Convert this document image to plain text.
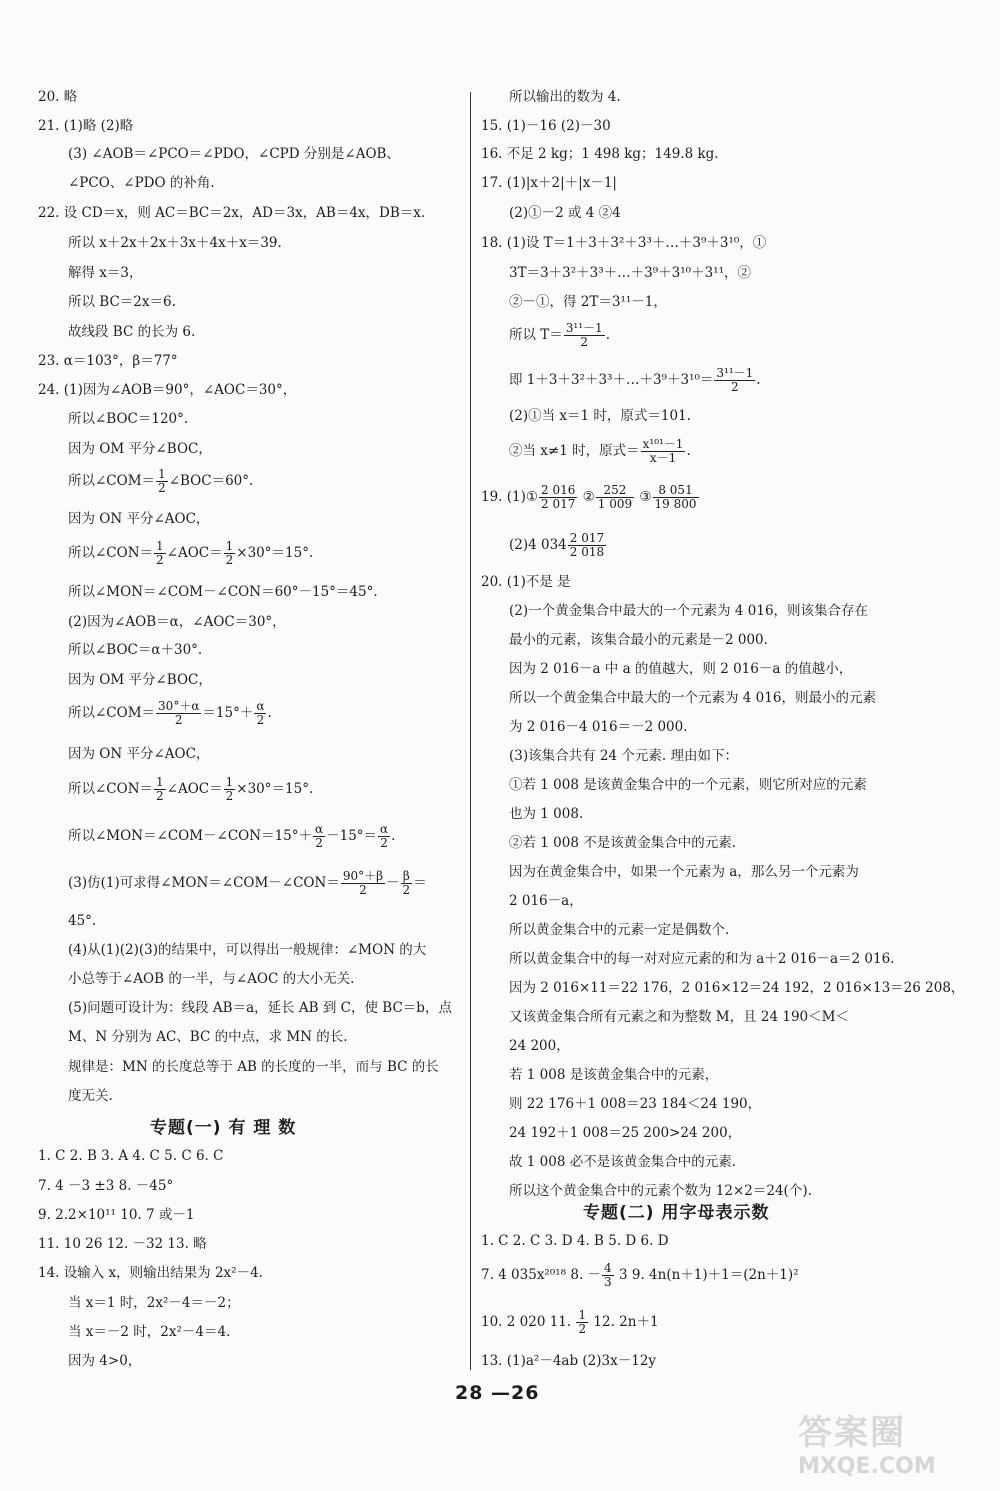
20. 略
21. (1)略 (2)略
(3) ∠AOB＝∠PCO＝∠PDO，∠CPD 分别是∠AOB、
∠PCO、∠PDO 的补角.
22. 设 CD＝x，则 AC＝BC＝2x，AD＝3x，AB＝4x，DB＝x.
所以 x＋2x＋2x＋3x＋4x＋x＝39.
解得 x＝3，
所以 BC＝2x＝6.
故线段 BC 的长为 6.
23. α＝103°，β＝77°
24. (1)因为∠AOB＝90°，∠AOC＝30°，
所以∠BOC＝120°.
因为 OM 平分∠BOC，
所以∠COM＝ $\frac{1}{2}$ ∠BOC＝60°.
因为 ON 平分∠AOC，
所以∠CON＝ $\frac{1}{2}$ ∠AOC＝ $\frac{1}{2} \times 30^\circ=15^\circ$.
所以∠MON＝∠COM－∠CON＝60°－15°＝45°.
(2)因为∠AOB＝α，∠AOC＝30°，
所以∠BOC＝α＋30°.
因为 OM 平分∠BOC，
所以∠COM＝ $\frac{30^\circ+\alpha}{2} =15^\circ+ \frac{\alpha}{2}$ .
因为 ON 平分∠AOC，
所以∠CON＝ $\frac{1}{2}$ ∠AOC＝ $\frac{1}{2} \times 30^\circ=15^\circ$.
所以∠MON＝∠COM－∠CON＝15°＋ $\frac{\alpha}{2} -15^\circ= \frac{\alpha}{2}$ .
(3)仿(1)可求得∠MON＝∠COM－∠CON＝ $\frac{90^\circ+\beta}{2} - \frac{\beta}{2}$ ＝
45°.
(4)从(1)(2)(3)的结果中，可以得出一般规律：∠MON 的大
小总等于∠AOB 的一半，与∠AOC 的大小无关.
(5)问题可设计为：线段 AB＝a，延长 AB 到 C，使 BC＝b，点
M、N 分别为 AC、BC 的中点，求 MN 的长.
规律是：MN 的长度总等于 AB 的长度的一半，而与 BC 的长
度无关.
专题(一) 有 理 数
1. C 2. B 3. A 4. C 5. C 6. C
7. 4 －3 ±3 8. －45°
9. 2.2×10¹¹ 10. 7 或－1
11. 10 26 12. －32 13. 略
14. 设输入 x，则输出结果为 2x²－4.
当 x＝1 时，2x²－4＝－2；
当 x＝－2 时，2x²－4＝4.
因为 4>0，
所以输出的数为 4.
15. (1)－16 (2)－30
16. 不足 2 kg；1 498 kg；149.8 kg.
17. (1)|x＋2|＋|x－1|
(2)①－2 或 4 ②4
18. (1)设 T＝1＋3＋3²＋3³＋…＋3⁹＋3¹⁰，①
3T＝3＋3²＋3³＋…＋3⁹＋3¹⁰＋3¹¹，②
②－①，得 2T＝3¹¹－1，
所以 $T= \frac{\text{3¹¹－1}}{2}$ .
即 1＋3＋3²＋3³＋…＋3⁹＋3¹⁰＝ $\frac{\text{3¹¹－1}}{2}$ .
(2)①当 x＝1 时，原式＝101.
②当 x≠1 时，原式＝ $\frac{\text{x¹⁰¹－1}}{x-1}$ .
19. (1)① $\frac{2 016}{2 017}$ ② $\frac{252}{1 009}$ ③ $\frac{8 051}{19 800}$
(2)4 $034 \frac{2 017}{2 018}$
20. (1)不是 是
(2)一个黄金集合中最大的一个元素为 4 016，则该集合存在
最小的元素，该集合最小的元素是－2 000.
因为 2 016－a 中 a 的值越大，则 2 016－a 的值越小，
所以一个黄金集合中最大的一个元素为 4 016，则最小的元素
为 2 016－4 016＝－2 000.
(3)该集合共有 24 个元素. 理由如下：
①若 1 008 是该黄金集合中的一个元素，则它所对应的元素
也为 1 008.
②若 1 008 不是该黄金集合中的元素.
因为在黄金集合中，如果一个元素为 a，那么另一个元素为
2 016－a，
所以黄金集合中的元素一定是偶数个.
所以黄金集合中的每一对对应元素的和为 a＋2 016－a＝2 016.
因为 2 016×11＝22 176，2 016×12＝24 192，2 016×13＝26 208，
又该黄金集合所有元素之和为整数 M，且 24 190＜M＜
24 200，
若 1 008 是该黄金集合中的元素，
则 22 176＋1 008＝23 184＜24 190，
24 192＋1 008＝25 200>24 200，
故 1 008 必不是该黄金集合中的元素.
所以这个黄金集合中的元素个数为 12×2＝24(个).
专题(二) 用字母表示数
1. C 2. C 3. D 4. B 5. D 6. D
7. 4 035x²⁰¹⁸ 8. － $\frac{4}{3} 3$ 9. 4n(n＋1)＋1＝(2n＋1)²
10. 2 020 11. $\frac{1}{2} 12$. 2n＋1
13. (1)a²－4ab (2)3x－12y
28 —26
答案圈
MXQE.COM
